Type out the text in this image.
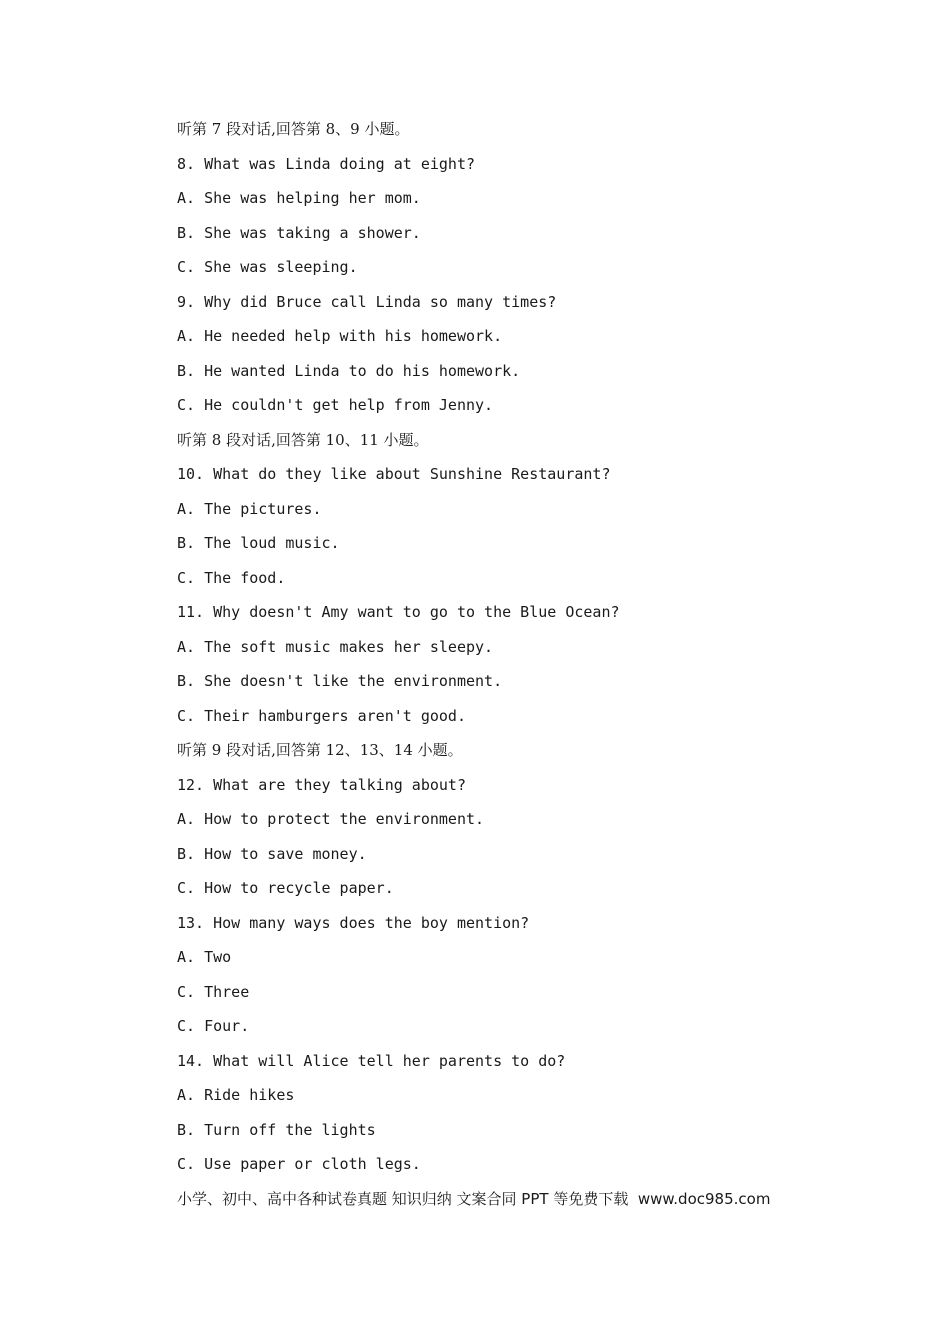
听第 7 段对话,回答第 8、9 小题。
8. What was Linda doing at eight?
A. She was helping her mom.
B. She was taking a shower.
C. She was sleeping.
9. Why did Bruce call Linda so many times?
A. He needed help with his homework.
B. He wanted Linda to do his homework.
C. He couldn't get help from Jenny.
听第 8 段对话,回答第 10、11 小题。
10. What do they like about Sunshine Restaurant?
A. The pictures.
B. The loud music.
C. The food.
11. Why doesn't Amy want to go to the Blue Ocean?
A. The soft music makes her sleepy.
B. She doesn't like the environment.
C. Their hamburgers aren't good.
听第 9 段对话,回答第 12、13、14 小题。
12. What are they talking about?
A. How to protect the environment.
B. How to save money.
C. How to recycle paper.
13. How many ways does the boy mention?
A. Two
C. Three
C. Four.
14. What will Alice tell her parents to do?
A. Ride hikes
B. Turn off the lights
C. Use paper or cloth legs.
小学、初中、高中各种试卷真题 知识归纳 文案合同 PPT 等免费下载  www.doc985.com
